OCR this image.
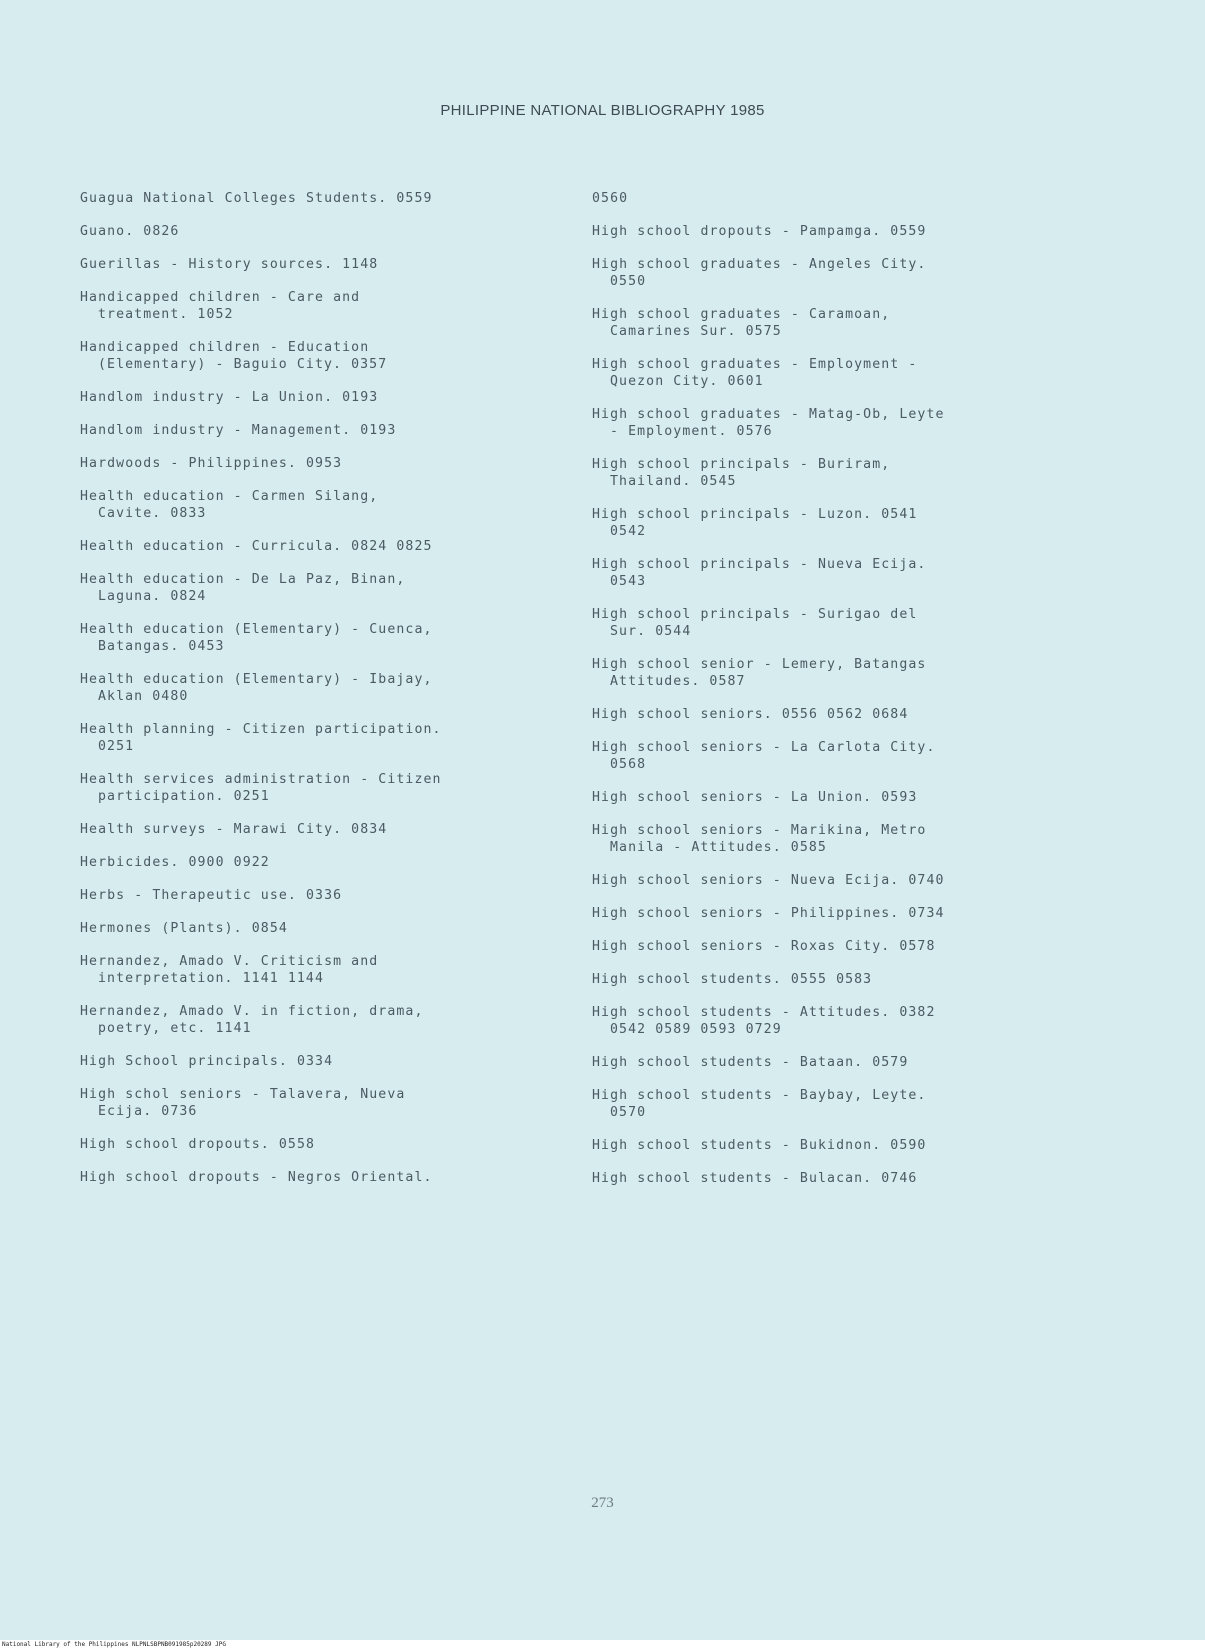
PHILIPPINE NATIONAL BIBLIOGRAPHY 1985
Guagua National Colleges Students. 0559
Guano. 0826
Guerillas - History sources. 1148
Handicapped children - Care and
treatment. 1052
Handicapped children - Education
(Elementary) - Baguio City. 0357
Handlom industry - La Union. 0193
Handlom industry - Management. 0193
Hardwoods - Philippines. 0953
Health education - Carmen Silang,
Cavite. 0833
Health education - Curricula. 0824 0825
Health education - De La Paz, Binan,
Laguna. 0824
Health education (Elementary) - Cuenca,
Batangas. 0453
Health education (Elementary) - Ibajay,
Aklan 0480
Health planning - Citizen participation.
0251
Health services administration - Citizen
participation. 0251
Health surveys - Marawi City. 0834
Herbicides. 0900 0922
Herbs - Therapeutic use. 0336
Hermones (Plants). 0854
Hernandez, Amado V. Criticism and
interpretation. 1141 1144
Hernandez, Amado V. in fiction, drama,
poetry, etc. 1141
High School principals. 0334
High schol seniors - Talavera, Nueva
Ecija. 0736
High school dropouts. 0558
High school dropouts - Negros Oriental.
0560
High school dropouts - Pampamga. 0559
High school graduates - Angeles City.
0550
High school graduates - Caramoan,
Camarines Sur. 0575
High school graduates - Employment -
Quezon City. 0601
High school graduates - Matag-Ob, Leyte
- Employment. 0576
High school principals - Buriram,
Thailand. 0545
High school principals - Luzon. 0541
0542
High school principals - Nueva Ecija.
0543
High school principals - Surigao del
Sur. 0544
High school senior - Lemery, Batangas
Attitudes. 0587
High school seniors. 0556 0562 0684
High school seniors - La Carlota City.
0568
High school seniors - La Union. 0593
High school seniors - Marikina, Metro
Manila - Attitudes. 0585
High school seniors - Nueva Ecija. 0740
High school seniors - Philippines. 0734
High school seniors - Roxas City. 0578
High school students. 0555 0583
High school students - Attitudes. 0382
0542 0589 0593 0729
High school students - Bataan. 0579
High school students - Baybay, Leyte.
0570
High school students - Bukidnon. 0590
High school students - Bulacan. 0746
273
National Library of the Philippines NLPNLSBPNB091985p20289 JPG
